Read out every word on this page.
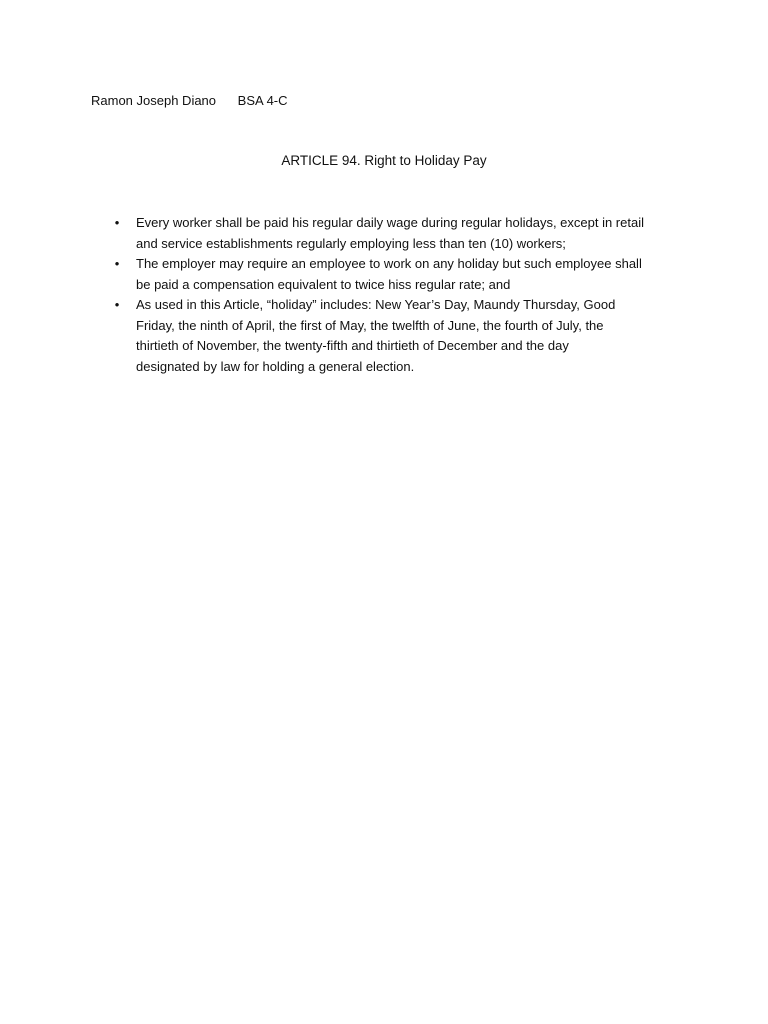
Ramon Joseph Diano BSA 4-C
ARTICLE 94. Right to Holiday Pay
•	Every worker shall be paid his regular daily wage during regular holidays, except in retail
and service establishments regularly employing less than ten (10) workers;
•	The employer may require an employee to work on any holiday but such employee shall
be paid a compensation equivalent to twice hiss regular rate; and
•	As used in this Article, “holiday” includes: New Year’s Day, Maundy Thursday, Good
Friday, the ninth of April, the first of May, the twelfth of June, the fourth of July, the
thirtieth of November, the twenty-fifth and thirtieth of December and the day
designated by law for holding a general election.
